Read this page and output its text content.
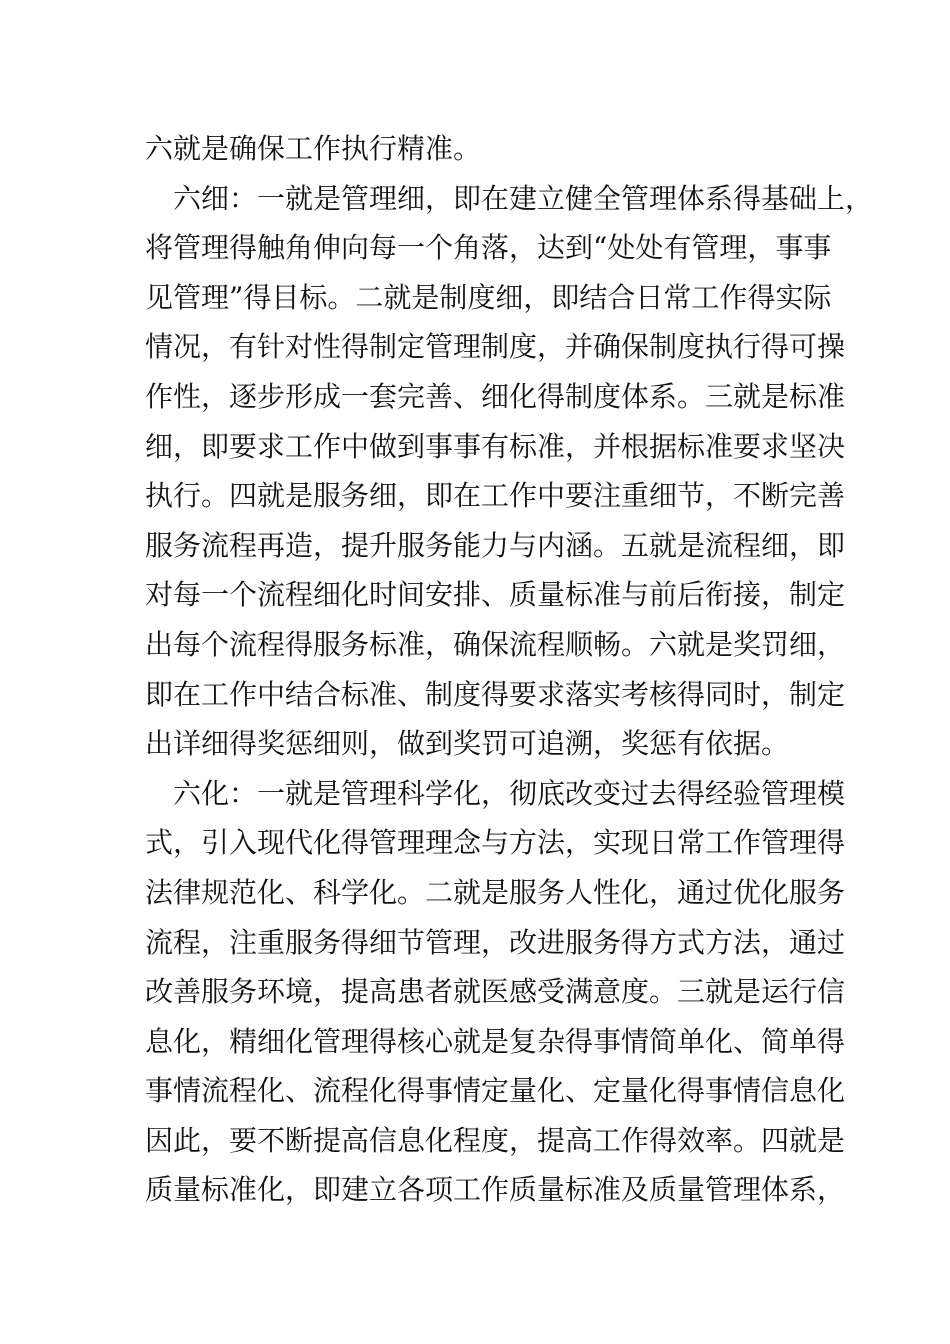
六就是确保工作执行精准。
六细：一就是管理细，即在建立健全管理体系得基础上，
将管理得触角伸向每一个角落，达到“处处有管理，事事
见管理”得目标。二就是制度细，即结合日常工作得实际
情况，有针对性得制定管理制度，并确保制度执行得可操
作性，逐步形成一套完善、细化得制度体系。三就是标准
细，即要求工作中做到事事有标准，并根据标准要求坚决
执行。四就是服务细，即在工作中要注重细节，不断完善
服务流程再造，提升服务能力与内涵。五就是流程细，即
对每一个流程细化时间安排、质量标准与前后衔接，制定
出每个流程得服务标准，确保流程顺畅。六就是奖罚细，
即在工作中结合标准、制度得要求落实考核得同时，制定
出详细得奖惩细则，做到奖罚可追溯，奖惩有依据。
六化：一就是管理科学化，彻底改变过去得经验管理模
式，引入现代化得管理理念与方法，实现日常工作管理得
法律规范化、科学化。二就是服务人性化，通过优化服务
流程，注重服务得细节管理，改进服务得方式方法，通过
改善服务环境，提高患者就医感受满意度。三就是运行信
息化，精细化管理得核心就是复杂得事情简单化、简单得
事情流程化、流程化得事情定量化、定量化得事情信息化
因此，要不断提高信息化程度，提高工作得效率。四就是
质量标准化，即建立各项工作质量标准及质量管理体系，
